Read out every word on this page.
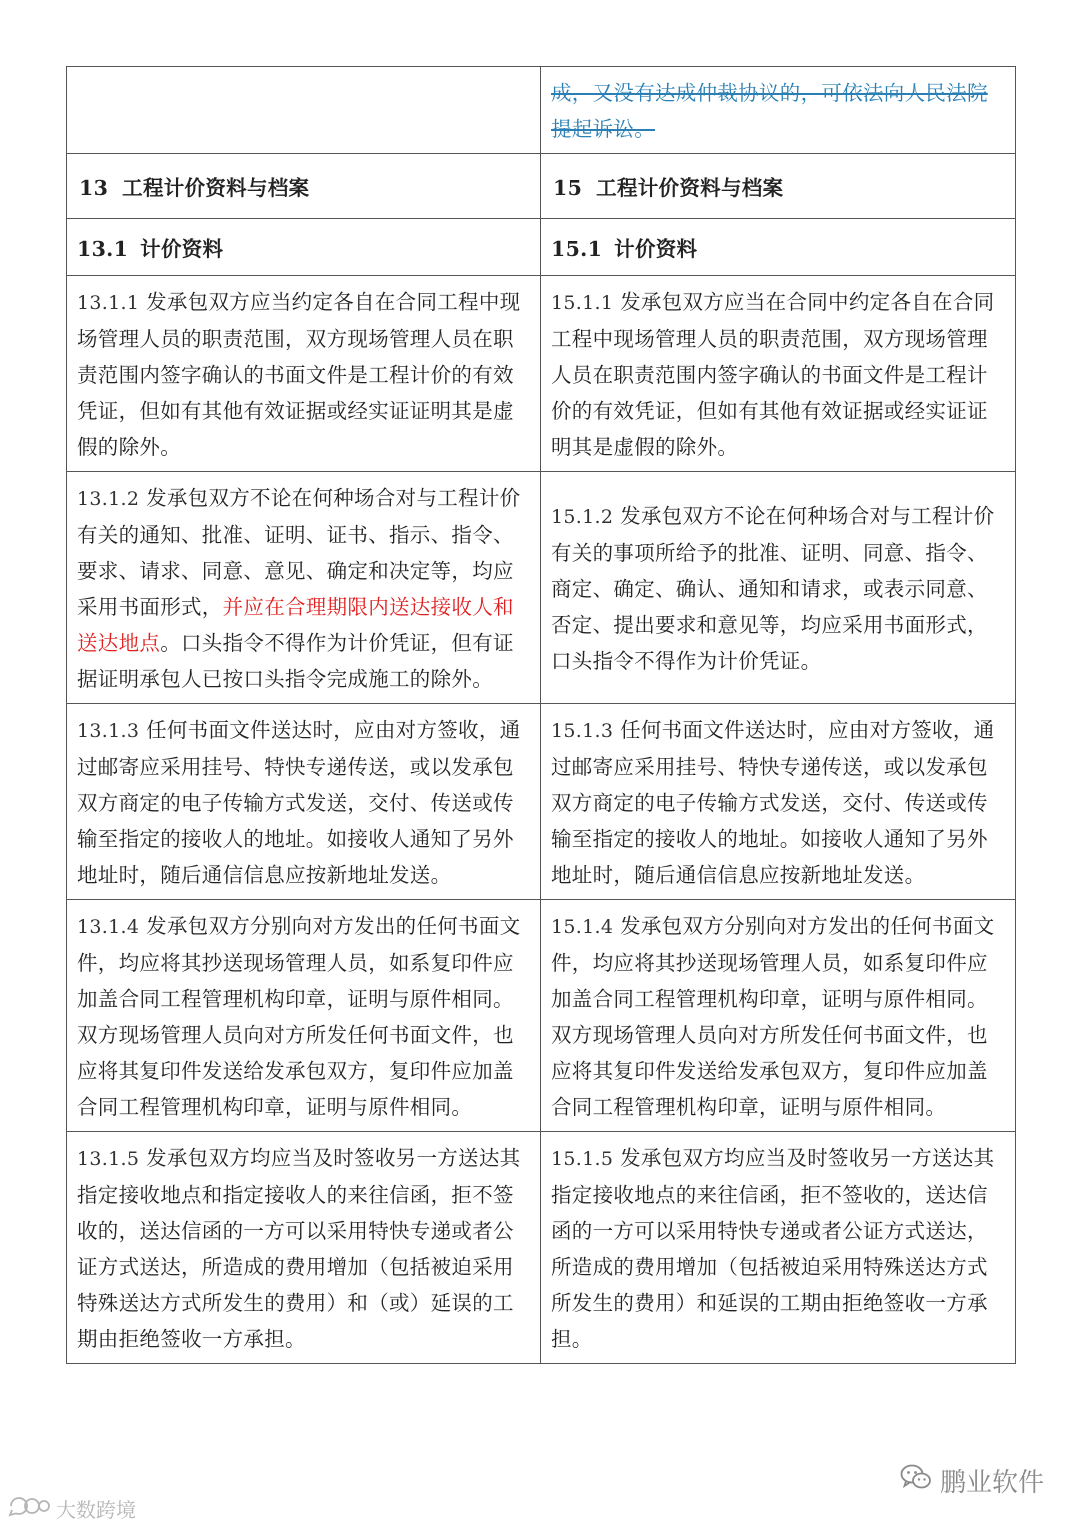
	成，又没有达成仲裁协议的，可依法向人民法院提起诉讼。
13 工程计价资料与档案	15 工程计价资料与档案
13.1 计价资料	15.1 计价资料
13.1.1 发承包双方应当约定各自在合同工程中现场管理人员的职责范围，双方现场管理人员在职责范围内签字确认的书面文件是工程计价的有效凭证，但如有其他有效证据或经实证证明其是虚假的除外。	15.1.1 发承包双方应当在合同中约定各自在合同工程中现场管理人员的职责范围，双方现场管理人员在职责范围内签字确认的书面文件是工程计价的有效凭证，但如有其他有效证据或经实证证明其是虚假的除外。
13.1.2 发承包双方不论在何种场合对与工程计价有关的通知、批准、证明、证书、指示、指令、要求、请求、同意、意见、确定和决定等，均应采用书面形式，并应在合理期限内送达接收人和送达地点。口头指令不得作为计价凭证，但有证据证明承包人已按口头指令完成施工的除外。	15.1.2 发承包双方不论在何种场合对与工程计价有关的事项所给予的批准、证明、同意、指令、商定、确定、确认、通知和请求，或表示同意、否定、提出要求和意见等，均应采用书面形式，口头指令不得作为计价凭证。
13.1.3 任何书面文件送达时，应由对方签收，通过邮寄应采用挂号、特快专递传送，或以发承包双方商定的电子传输方式发送，交付、传送或传输至指定的接收人的地址。如接收人通知了另外地址时，随后通信信息应按新地址发送。	15.1.3 任何书面文件送达时，应由对方签收，通过邮寄应采用挂号、特快专递传送，或以发承包双方商定的电子传输方式发送，交付、传送或传输至指定的接收人的地址。如接收人通知了另外地址时，随后通信信息应按新地址发送。
13.1.4 发承包双方分别向对方发出的任何书面文件，均应将其抄送现场管理人员，如系复印件应加盖合同工程管理机构印章，证明与原件相同。双方现场管理人员向对方所发任何书面文件，也应将其复印件发送给发承包双方，复印件应加盖合同工程管理机构印章，证明与原件相同。	15.1.4 发承包双方分别向对方发出的任何书面文件，均应将其抄送现场管理人员，如系复印件应加盖合同工程管理机构印章，证明与原件相同。双方现场管理人员向对方所发任何书面文件，也应将其复印件发送给发承包双方，复印件应加盖合同工程管理机构印章，证明与原件相同。
13.1.5 发承包双方均应当及时签收另一方送达其指定接收地点和指定接收人的来往信函，拒不签收的，送达信函的一方可以采用特快专递或者公证方式送达，所造成的费用增加（包括被迫采用特殊送达方式所发生的费用）和（或）延误的工期由拒绝签收一方承担。	15.1.5 发承包双方均应当及时签收另一方送达其指定接收地点的来往信函，拒不签收的，送达信函的一方可以采用特快专递或者公证方式送达，所造成的费用增加（包括被迫采用特殊送达方式所发生的费用）和延误的工期由拒绝签收一方承担。
鹏业软件
大数跨境
